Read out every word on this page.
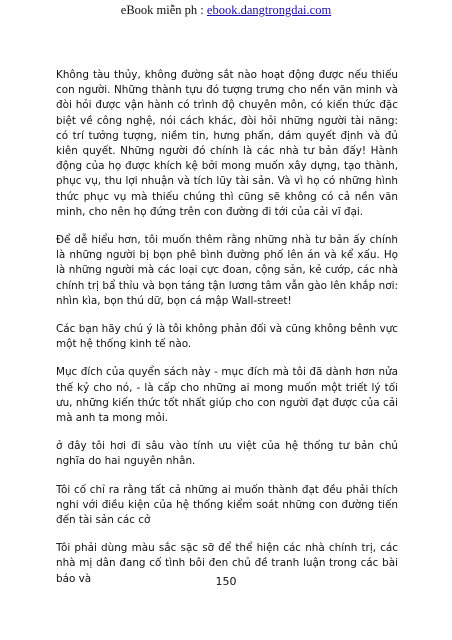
eBook miễn ph : ebook.dangtrongdai.com

Không tàu thủy, không đường sắt nào hoạt động được nếu thiếu con người. Những thành tựu đó tượng trưng cho nền văn minh và đòi hỏi được vận hành có trình độ chuyên môn, có kiến thức đặc biệt về công nghệ, nói cách khác, đòi hỏi những người tài năng: có trí tưởng tượng, niềm tin, hưng phấn, dám quyết định và đủ kiên quyết. Những người đó chính là các nhà tư bản đấy! Hành động của họ được khích kệ bởi mong muốn xây dựng, tạo thành, phục vụ, thu lợi nhuận và tích lũy tài sản. Và vì họ có những hình thức phục vụ mà thiếu chúng thì cũng sẽ không có cả nền văn minh, cho nên họ đứng trên con đường đi tới của cải vĩ đại.

Để dễ hiểu hơn, tôi muốn thêm rằng những nhà tư bản ấy chính là những người bị bọn phê bình đường phố lên án và kể xấu. Họ là những người mà các loại cực đoan, cộng sản, kẻ cướp, các nhà chính trị bẩ thỉu và bọn táng tận lương tâm vẫn gào lên khắp nơi: nhìn kìa, bọn thú dữ, bọn cá mập Wall-street!

Các bạn hãy chú ý là tôi không phản đối và cũng không bênh vực một hệ thống kinh tế nào.

Mục đích của quyển sách này - mục đích mà tôi đã dành hơn nửa thế kỷ cho nó, - là cấp cho những ai mong muốn một triết lý tối ưu, những kiến thức tốt nhất giúp cho con người đạt được của cải mà anh ta mong mỏi.

ở đây tôi hơi đi sâu vào tính ưu việt của hệ thống tư bản chủ nghĩa do hai nguyên nhân.

Tôi cố chỉ ra rằng tất cả những ai muốn thành đạt đều phải thích nghi với điều kiện của hệ thống kiểm soát những con đường tiến đến tài sản các cở

Tôi phải dùng màu sắc sặc sỡ để thể hiện các nhà chính trị, các nhà mị dân đang cố tình bôi đen chủ đề tranh luận trong các bài báo và	150
